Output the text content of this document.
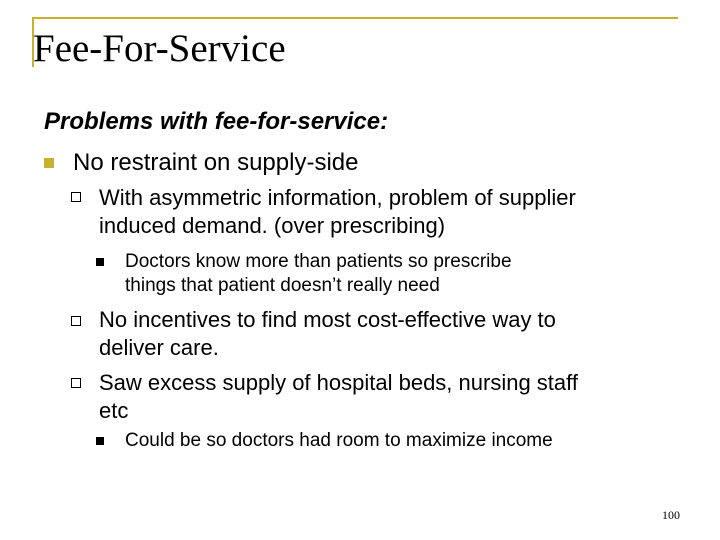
Fee-For-Service
Problems with fee-for-service:
No restraint on supply-side
With asymmetric information, problem of supplier
induced demand. (over prescribing)
Doctors know more than patients so prescribe
things that patient doesn’t really need
No incentives to find most cost-effective way to
deliver care.
Saw excess supply of hospital beds, nursing staff
etc
Could be so doctors had room to maximize income
100
